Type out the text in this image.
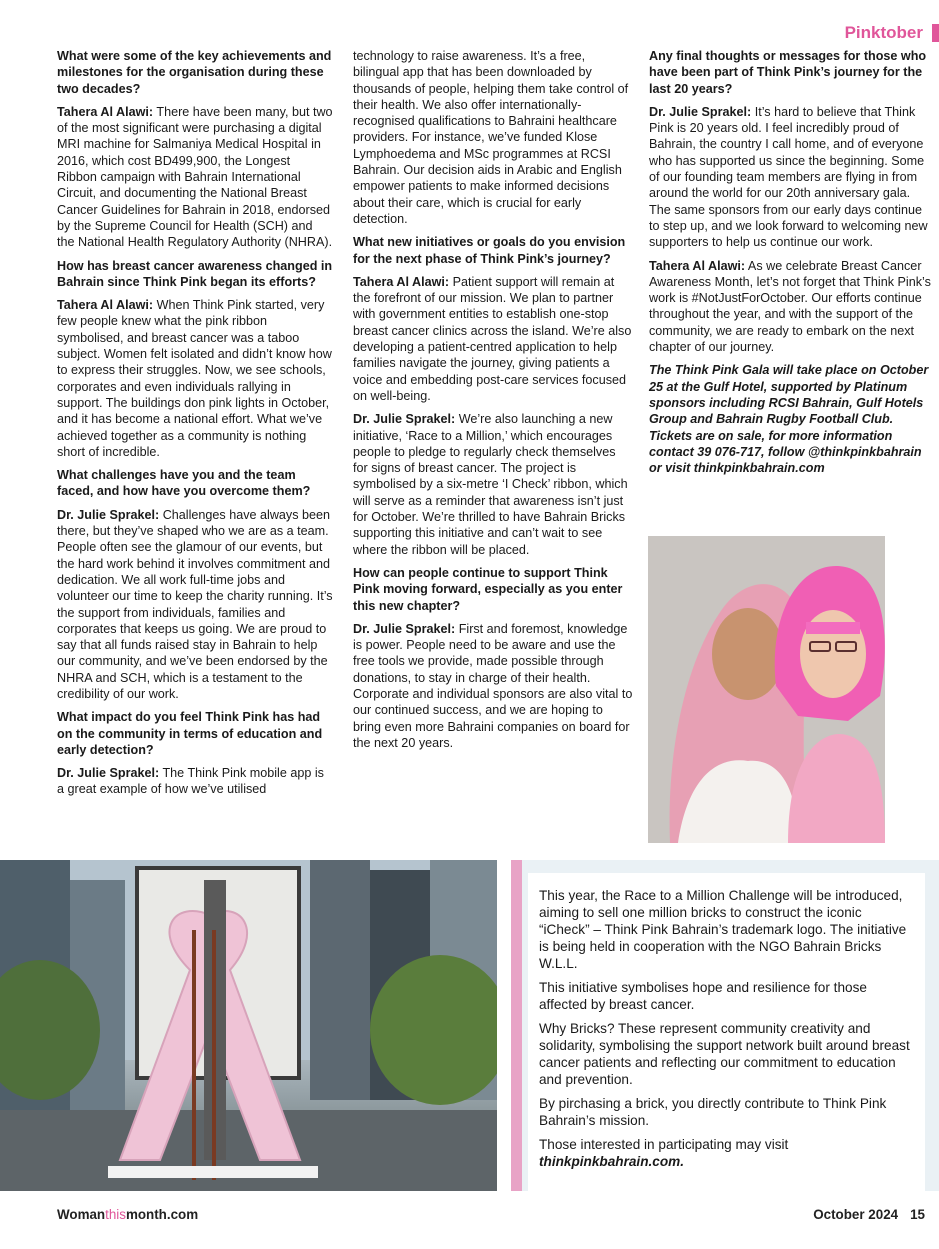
Pinktober

What were some of the key achievements and milestones for the organisation during these two decades?

Tahera Al Alawi: There have been many, but two of the most significant were purchasing a digital MRI machine for Salmaniya Medical Hospital in 2016, which cost BD499,900, the Longest Ribbon campaign with Bahrain International Circuit, and documenting the National Breast Cancer Guidelines for Bahrain in 2018, endorsed by the Supreme Council for Health (SCH) and the National Health Regulatory Authority (NHRA).

How has breast cancer awareness changed in Bahrain since Think Pink began its efforts?

Tahera Al Alawi: When Think Pink started, very few people knew what the pink ribbon symbolised, and breast cancer was a taboo subject. Women felt isolated and didn’t know how to express their struggles. Now, we see schools, corporates and even individuals rallying in support. The buildings don pink lights in October, and it has become a national effort. What we’ve achieved together as a community is nothing short of incredible.

What challenges have you and the team faced, and how have you overcome them?

Dr. Julie Sprakel: Challenges have always been there, but they’ve shaped who we are as a team. People often see the glamour of our events, but the hard work behind it involves commitment and dedication. We all work full-time jobs and volunteer our time to keep the charity running. It’s the support from individuals, families and corporates that keeps us going. We are proud to say that all funds raised stay in Bahrain to help our community, and we’ve been endorsed by the NHRA and SCH, which is a testament to the credibility of our work.

What impact do you feel Think Pink has had on the community in terms of education and early detection?

Dr. Julie Sprakel: The Think Pink mobile app is a great example of how we’ve utilised

technology to raise awareness. It’s a free, bilingual app that has been downloaded by thousands of people, helping them take control of their health. We also offer internationally-recognised qualifications to Bahraini healthcare providers. For instance, we’ve funded Klose Lymphoedema and MSc programmes at RCSI Bahrain. Our decision aids in Arabic and English empower patients to make informed decisions about their care, which is crucial for early detection.

What new initiatives or goals do you envision for the next phase of Think Pink’s journey?

Tahera Al Alawi: Patient support will remain at the forefront of our mission. We plan to partner with government entities to establish one-stop breast cancer clinics across the island. We’re also developing a patient-centred application to help families navigate the journey, giving patients a voice and embedding post-care services focused on well-being.

Dr. Julie Sprakel: We’re also launching a new initiative, ‘Race to a Million,’ which encourages people to pledge to regularly check themselves for signs of breast cancer. The project is symbolised by a six-metre ‘I Check’ ribbon, which will serve as a reminder that awareness isn’t just for October. We’re thrilled to have Bahrain Bricks supporting this initiative and can’t wait to see where the ribbon will be placed.

How can people continue to support Think Pink moving forward, especially as you enter this new chapter?

Dr. Julie Sprakel: First and foremost, knowledge is power. People need to be aware and use the free tools we provide, made possible through donations, to stay in charge of their health. Corporate and individual sponsors are also vital to our continued success, and we are hoping to bring even more Bahraini companies on board for the next 20 years.

Any final thoughts or messages for those who have been part of Think Pink’s journey for the last 20 years?

Dr. Julie Sprakel: It’s hard to believe that Think Pink is 20 years old. I feel incredibly proud of Bahrain, the country I call home, and of everyone who has supported us since the beginning. Some of our founding team members are flying in from around the world for our 20th anniversary gala. The same sponsors from our early days continue to step up, and we look forward to welcoming new supporters to help us continue our work.

Tahera Al Alawi: As we celebrate Breast Cancer Awareness Month, let’s not forget that Think Pink’s work is #NotJustForOctober. Our efforts continue throughout the year, and with the support of the community, we are ready to embark on the next chapter of our journey.

The Think Pink Gala will take place on October 25 at the Gulf Hotel, supported by Platinum sponsors including RCSI Bahrain, Gulf Hotels Group and Bahrain Rugby Football Club. Tickets are on sale, for more information contact 39 076-717, follow @thinkpinkbahrain or visit thinkpinkbahrain.com

This year, the Race to a Million Challenge will be introduced, aiming to sell one million bricks to construct the iconic “iCheck” – Think Pink Bahrain’s trademark logo. The initiative is being held in cooperation with the NGO Bahrain Bricks W.L.L.

This initiative symbolises hope and resilience for those affected by breast cancer.

Why Bricks? These represent community creativity and solidarity, symbolising the support network built around breast cancer patients and reflecting our commitment to education and prevention.

By pirchasing a brick, you directly contribute to Think Pink Bahrain’s mission.

Those interested in participating may visit
thinkpinkbahrain.com.

Womanthismonth.com	October 2024 15
